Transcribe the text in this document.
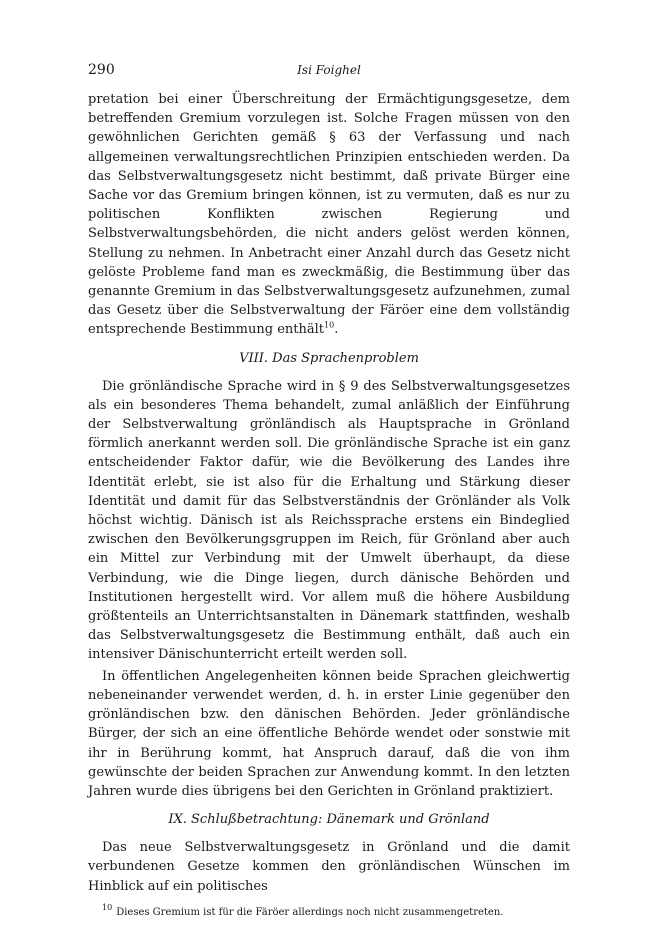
290	Isi Foighel

pretation bei einer Überschreitung der Ermächtigungsgesetze, dem betreffenden Gremium vorzulegen ist. Solche Fragen müssen von den gewöhnlichen Gerichten gemäß § 63 der Verfassung und nach allgemeinen verwaltungsrechtlichen Prinzipien entschieden werden. Da das Selbstverwaltungsgesetz nicht bestimmt, daß private Bürger eine Sache vor das Gremium bringen können, ist zu vermuten, daß es nur zu politischen Konflikten zwischen Regierung und Selbstverwaltungsbehörden, die nicht anders gelöst werden können, Stellung zu nehmen. In Anbetracht einer Anzahl durch das Gesetz nicht gelöste Probleme fand man es zweckmäßig, die Bestimmung über das genannte Gremium in das Selbstverwaltungsgesetz aufzunehmen, zumal das Gesetz über die Selbstverwaltung der Färöer eine dem vollständig entsprechende Bestimmung enthält$^{10}$.

VIII. Das Sprachenproblem

Die grönländische Sprache wird in § 9 des Selbstverwaltungsgesetzes als ein besonderes Thema behandelt, zumal anläßlich der Einführung der Selbstverwaltung grönländisch als Hauptsprache in Grönland förmlich anerkannt werden soll. Die grönländische Sprache ist ein ganz entscheidender Faktor dafür, wie die Bevölkerung des Landes ihre Identität erlebt, sie ist also für die Erhaltung und Stärkung dieser Identität und damit für das Selbstverständnis der Grönländer als Volk höchst wichtig. Dänisch ist als Reichssprache erstens ein Bindeglied zwischen den Bevölkerungsgruppen im Reich, für Grönland aber auch ein Mittel zur Verbindung mit der Umwelt überhaupt, da diese Verbindung, wie die Dinge liegen, durch dänische Behörden und Institutionen hergestellt wird. Vor allem muß die höhere Ausbildung größtenteils an Unterrichtsanstalten in Dänemark stattfinden, weshalb das Selbstverwaltungsgesetz die Bestimmung enthält, daß auch ein intensiver Dänischunterricht erteilt werden soll.

In öffentlichen Angelegenheiten können beide Sprachen gleichwertig nebeneinander verwendet werden, d. h. in erster Linie gegenüber den grönländischen bzw. den dänischen Behörden. Jeder grönländische Bürger, der sich an eine öffentliche Behörde wendet oder sonstwie mit ihr in Berührung kommt, hat Anspruch darauf, daß die von ihm gewünschte der beiden Sprachen zur Anwendung kommt. In den letzten Jahren wurde dies übrigens bei den Gerichten in Grönland praktiziert.

IX. Schlußbetrachtung: Dänemark und Grönland

Das neue Selbstverwaltungsgesetz in Grönland und die damit verbundenen Gesetze kommen den grönländischen Wünschen im Hinblick auf ein politisches

$^{10}$ Dieses Gremium ist für die Färöer allerdings noch nicht zusammengetreten.
